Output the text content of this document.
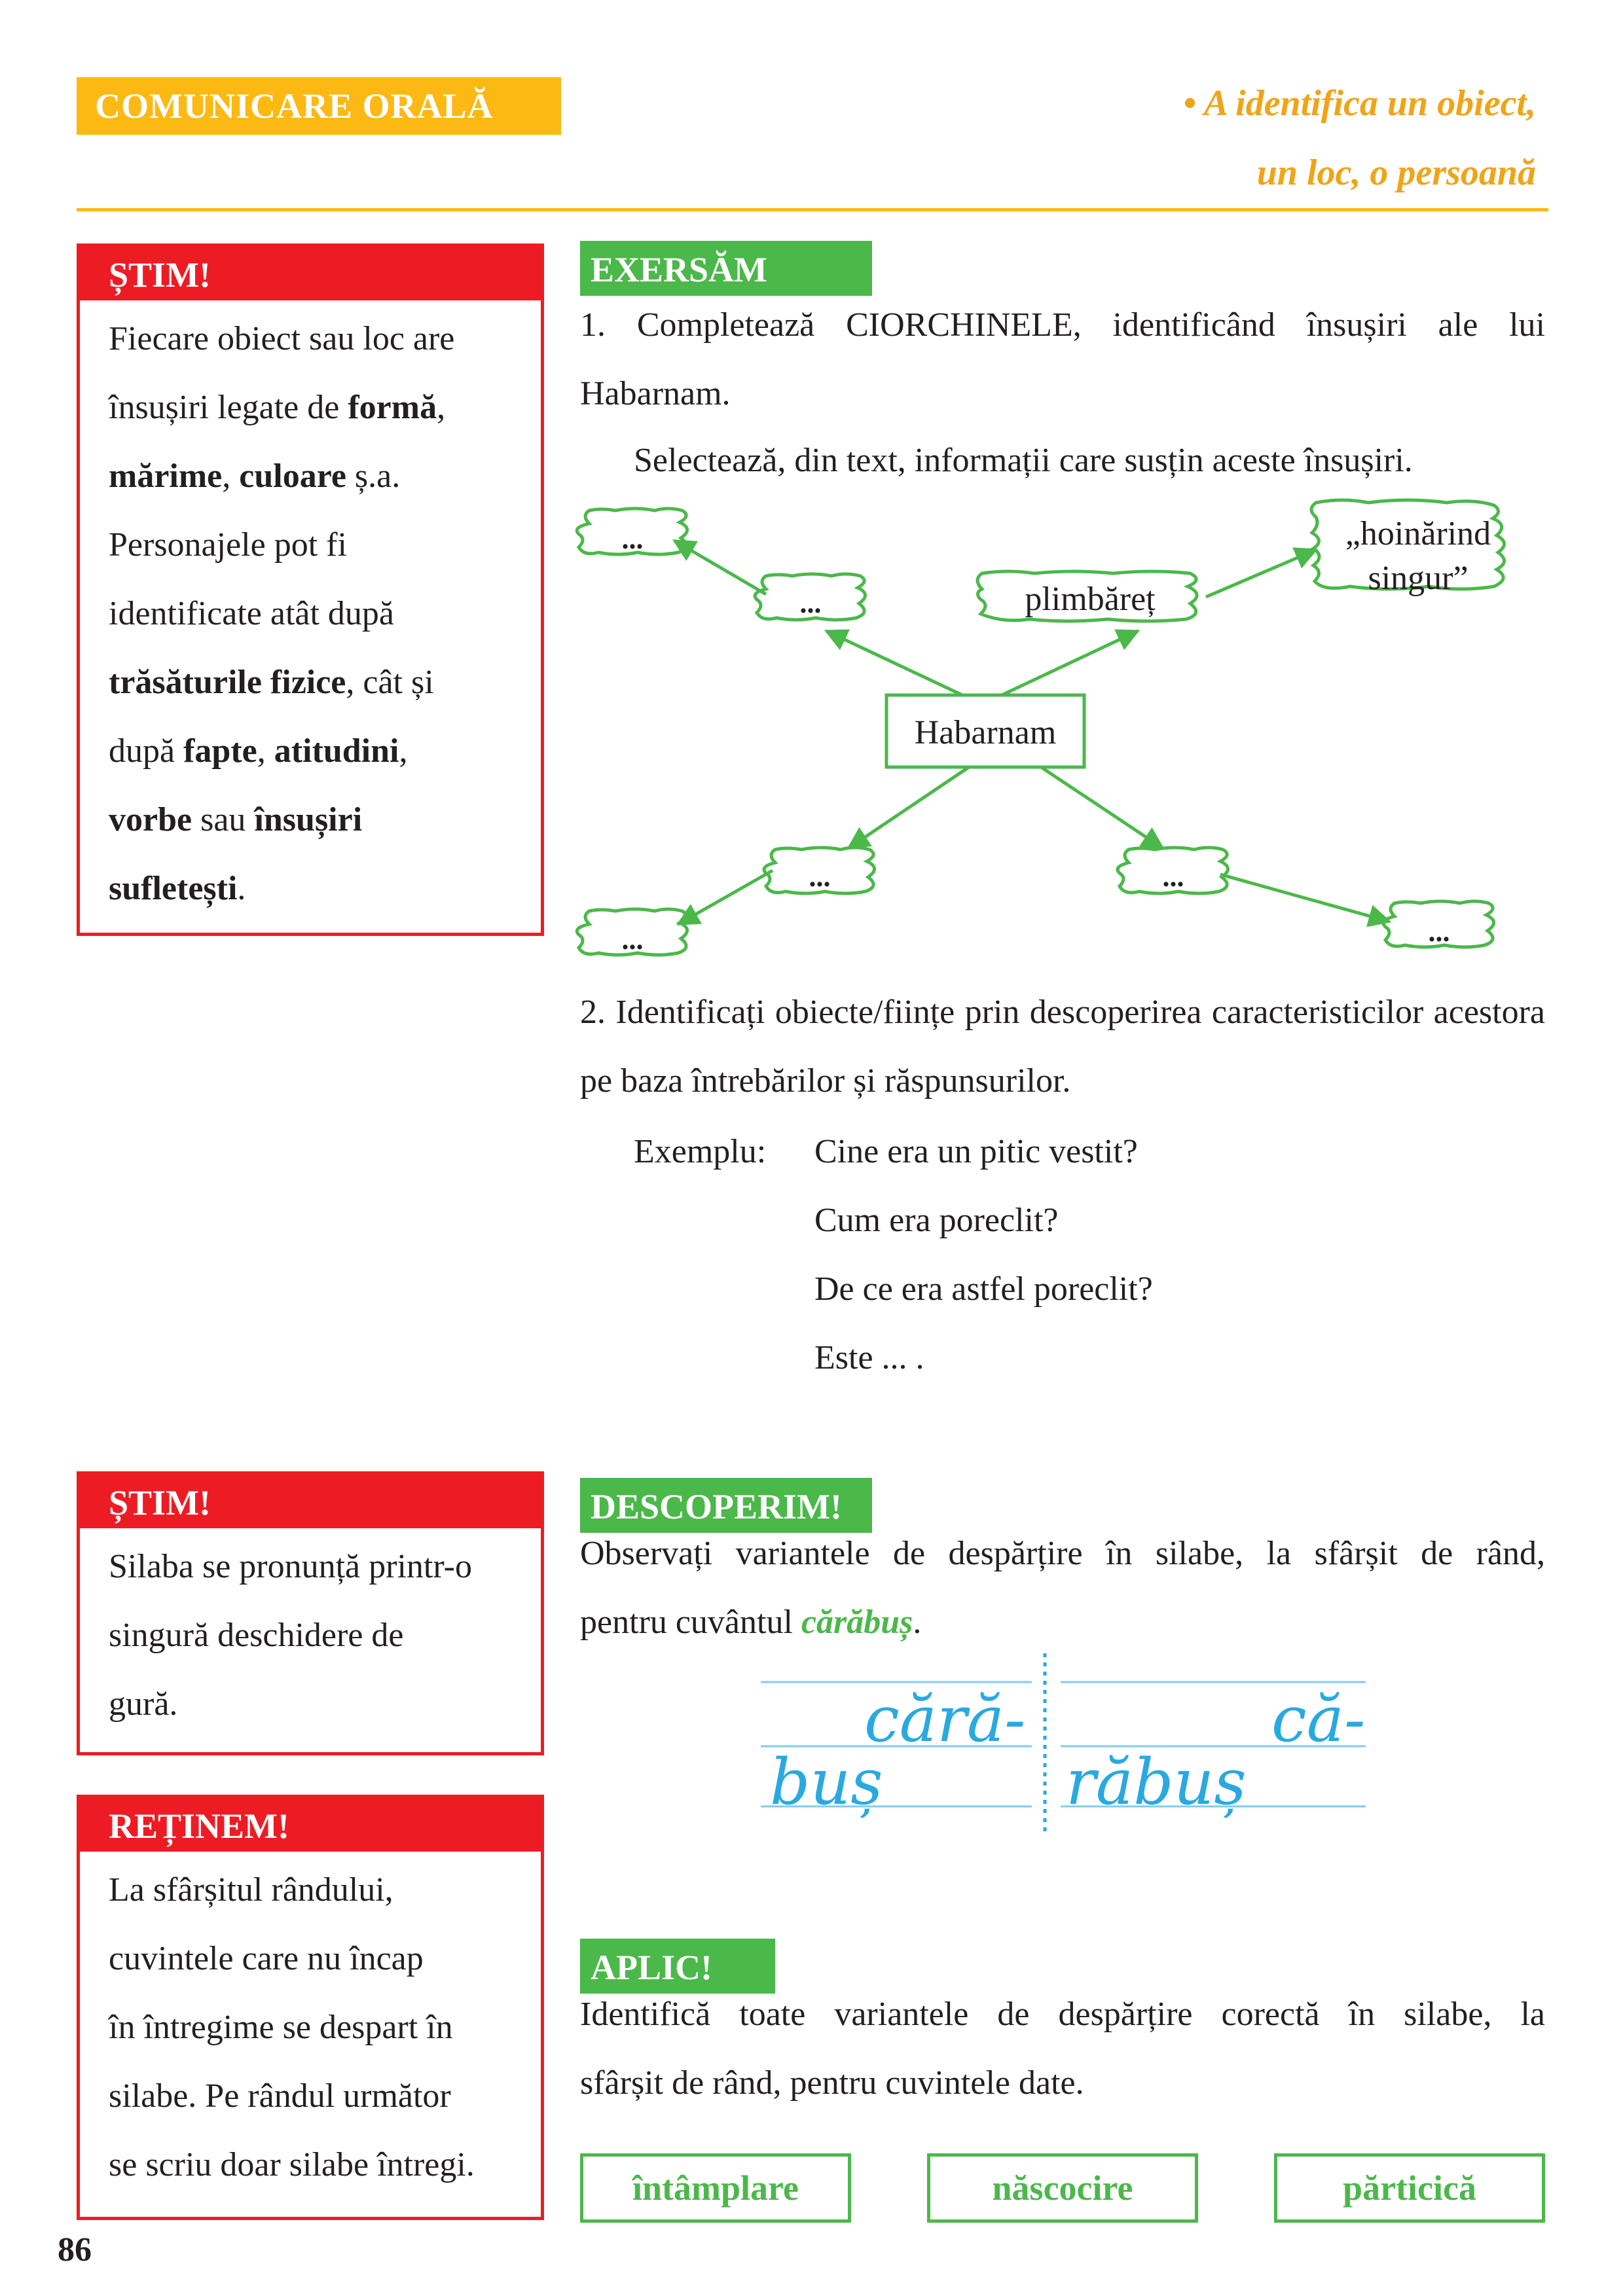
COMUNICARE ORALĂ	• A identifica un obiect,
un loc, o persoană
ȘTIM!
Fiecare obiect sau loc are
însușiri legate de formă,
mărime, culoare ș.a.
Personajele pot fi
identificate atât după
trăsăturile fizice, cât și
după fapte, atitudini,
vorbe sau însușiri
sufletești.
EXERSĂM
1. Completează CIORCHINELE, identificând însușiri ale lui Habarnam.
Selectează, din text, informații care susțin aceste însușiri.
Habarnam
plimbăreț
„hoinărind
singur”
...
...
...	...
...	...
2. Identificați obiecte/ființe prin descoperirea caracteristicilor acestora pe baza întrebărilor și răspunsurilor.
Exemplu: Cine era un pitic vestit?
Cum era poreclit?
De ce era astfel poreclit?
Este ... .
ȘTIM!
Silaba se pronunță printr-o
singură deschidere de
gură.
REȚINEM!
La sfârșitul rândului,
cuvintele care nu încap
în întregime se despart în
silabe. Pe rândul următor
se scriu doar silabe întregi.
DESCOPERIM!
Observați variantele de despărțire în silabe, la sfârșit de rând,
pentru cuvântul cărăbuș.
cără-
buș
că-
răbuș
APLIC!
Identifică toate variantele de despărțire corectă în silabe, la
sfârșit de rând, pentru cuvintele date.
întâmplare	născocire	părticică
86
